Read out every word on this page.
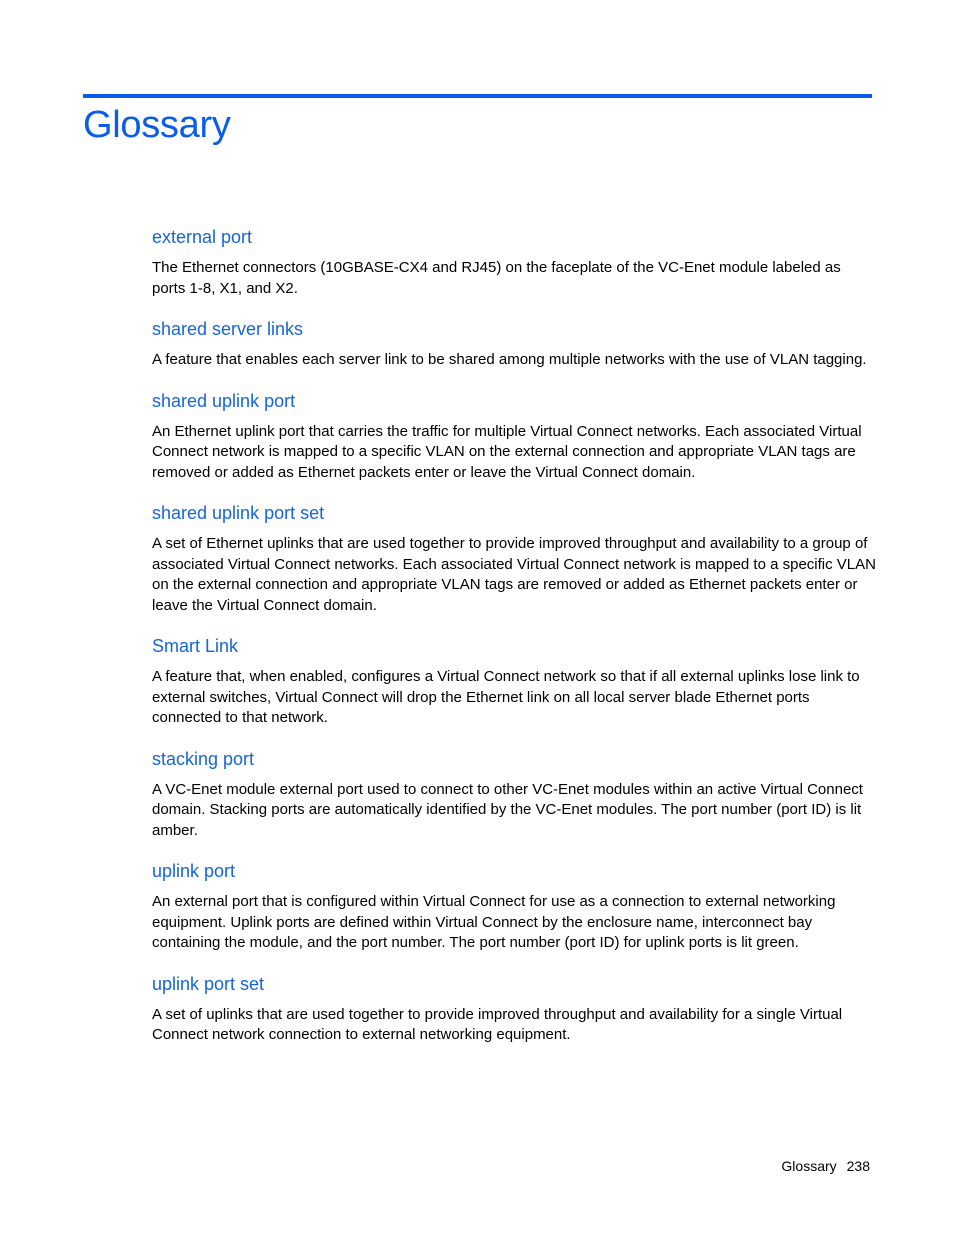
Glossary
external port

The Ethernet connectors (10GBASE-CX4 and RJ45) on the faceplate of the VC-Enet module labeled as ports 1-8, X1, and X2.

shared server links

A feature that enables each server link to be shared among multiple networks with the use of VLAN tagging.

shared uplink port

An Ethernet uplink port that carries the traffic for multiple Virtual Connect networks. Each associated Virtual Connect network is mapped to a specific VLAN on the external connection and appropriate VLAN tags are removed or added as Ethernet packets enter or leave the Virtual Connect domain.

shared uplink port set

A set of Ethernet uplinks that are used together to provide improved throughput and availability to a group of associated Virtual Connect networks. Each associated Virtual Connect network is mapped to a specific VLAN on the external connection and appropriate VLAN tags are removed or added as Ethernet packets enter or leave the Virtual Connect domain.

Smart Link

A feature that, when enabled, configures a Virtual Connect network so that if all external uplinks lose link to external switches, Virtual Connect will drop the Ethernet link on all local server blade Ethernet ports connected to that network.

stacking port

A VC-Enet module external port used to connect to other VC-Enet modules within an active Virtual Connect domain. Stacking ports are automatically identified by the VC-Enet modules. The port number (port ID) is lit amber.

uplink port

An external port that is configured within Virtual Connect for use as a connection to external networking equipment. Uplink ports are defined within Virtual Connect by the enclosure name, interconnect bay containing the module, and the port number. The port number (port ID) for uplink ports is lit green.

uplink port set

A set of uplinks that are used together to provide improved throughput and availability for a single Virtual Connect network connection to external networking equipment.

Glossary 238
